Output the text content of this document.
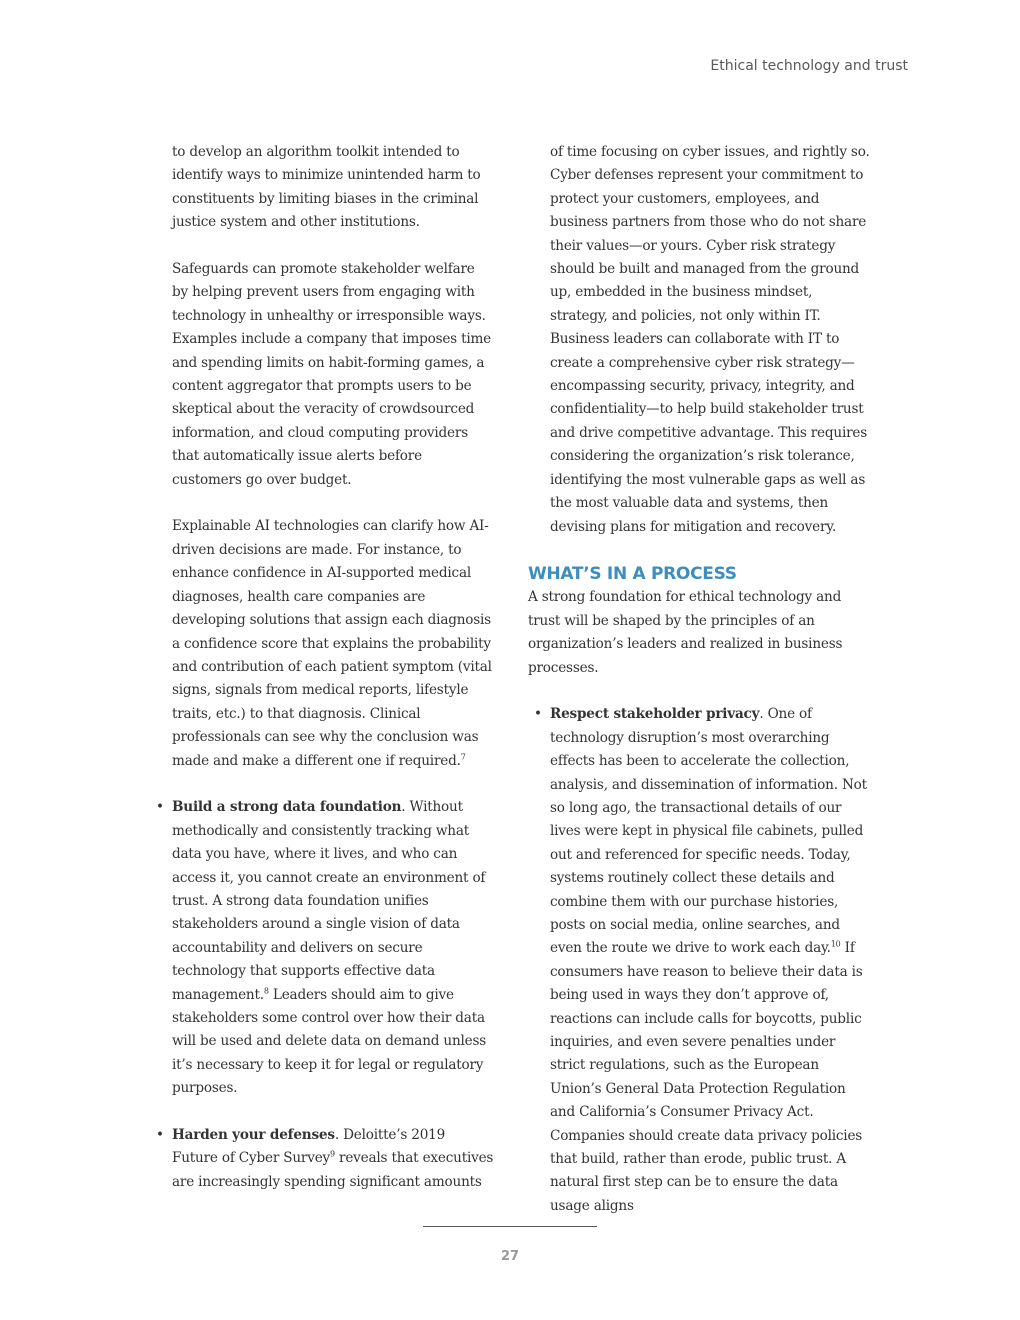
Ethical technology and trust

to develop an algorithm toolkit intended to identify ways to minimize unintended harm to constituents by limiting biases in the criminal justice system and other institutions.

Safeguards can promote stakeholder welfare by helping prevent users from engaging with technology in unhealthy or irresponsible ways. Examples include a company that imposes time and spending limits on habit-forming games, a content aggregator that prompts users to be skeptical about the veracity of crowdsourced information, and cloud computing providers that automatically issue alerts before customers go over budget.

Explainable AI technologies can clarify how AI-driven decisions are made. For instance, to enhance confidence in AI-supported medical diagnoses, health care companies are developing solutions that assign each diagnosis a confidence score that explains the probability and contribution of each patient symptom (vital signs, signals from medical reports, lifestyle traits, etc.) to that diagnosis. Clinical professionals can see why the conclusion was made and make a different one if required.$^7$

• Build a strong data foundation. Without methodically and consistently tracking what data you have, where it lives, and who can access it, you cannot create an environment of trust. A strong data foundation unifies stakeholders around a single vision of data accountability and delivers on secure technology that supports effective data management.$^8$ Leaders should aim to give stakeholders some control over how their data will be used and delete data on demand unless it’s necessary to keep it for legal or regulatory purposes.
• Harden your defenses. Deloitte’s 2019 Future of Cyber Survey$^9$ reveals that executives are increasingly spending significant amounts

of time focusing on cyber issues, and rightly so. Cyber defenses represent your commitment to protect your customers, employees, and business partners from those who do not share their values—or yours. Cyber risk strategy should be built and managed from the ground up, embedded in the business mindset, strategy, and policies, not only within IT. Business leaders can collaborate with IT to create a comprehensive cyber risk strategy—encompassing security, privacy, integrity, and confidentiality—to help build stakeholder trust and drive competitive advantage. This requires considering the organization’s risk tolerance, identifying the most vulnerable gaps as well as the most valuable data and systems, then devising plans for mitigation and recovery.

WHAT’S IN A PROCESS

A strong foundation for ethical technology and trust will be shaped by the principles of an organization’s leaders and realized in business processes.

• Respect stakeholder privacy. One of technology disruption’s most overarching effects has been to accelerate the collection, analysis, and dissemination of information. Not so long ago, the transactional details of our lives were kept in physical file cabinets, pulled out and referenced for specific needs. Today, systems routinely collect these details and combine them with our purchase histories, posts on social media, online searches, and even the route we drive to work each day.$^{10}$ If consumers have reason to believe their data is being used in ways they don’t approve of, reactions can include calls for boycotts, public inquiries, and even severe penalties under strict regulations, such as the European Union’s General Data Protection Regulation and California’s Consumer Privacy Act. Companies should create data privacy policies that build, rather than erode, public trust. A natural first step can be to ensure the data usage aligns
27
